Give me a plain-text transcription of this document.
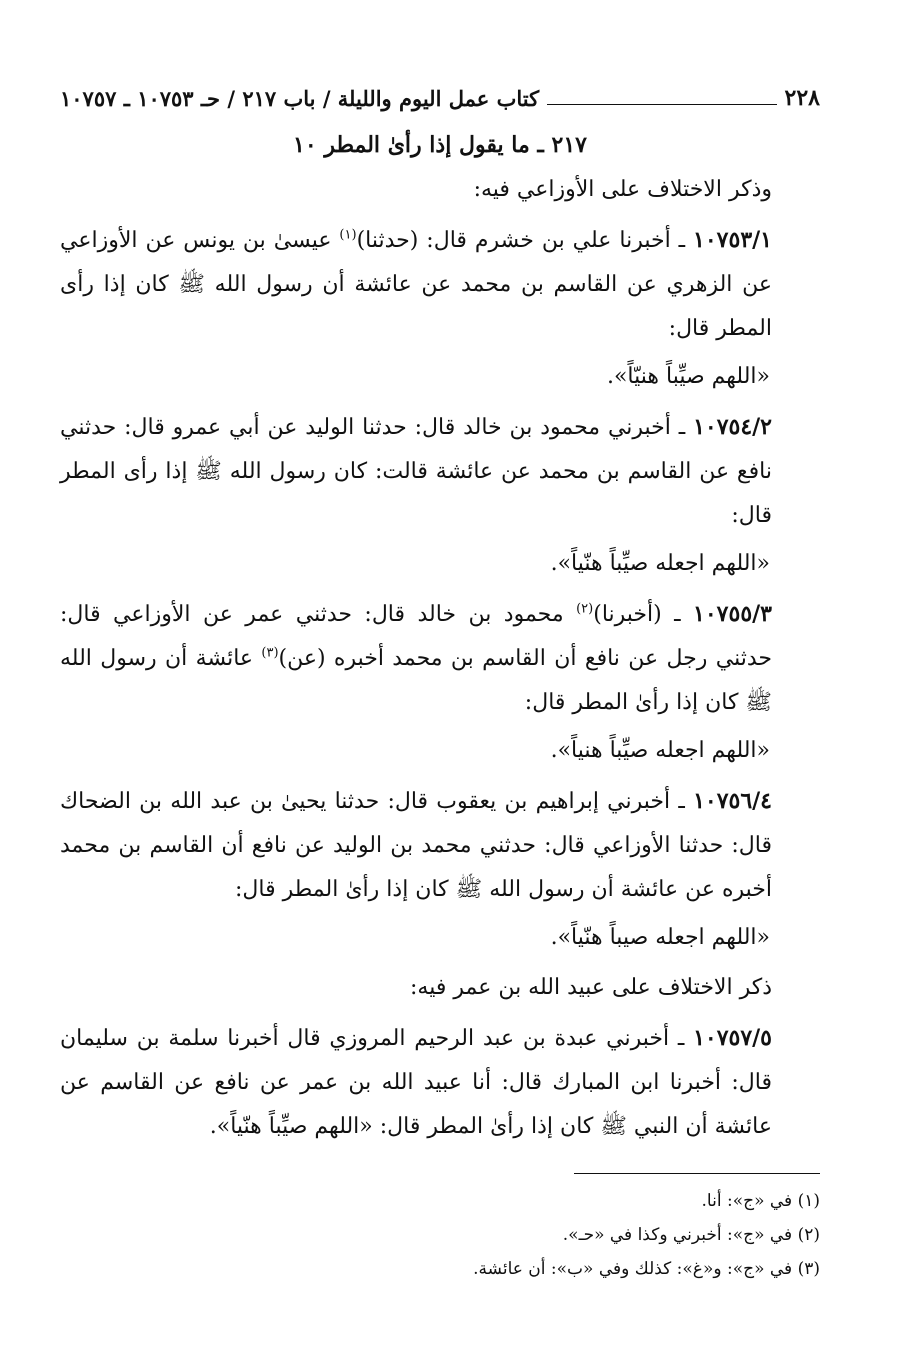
٢٢٨
كتاب عمل اليوم والليلة / باب ٢١٧ / حـ ١٠٧٥٣ ـ ١٠٧٥٧
٢١٧ ـ ما يقول إذا رأىٰ المطر ١٠

وذكر الاختلاف على الأوزاعي فيه:

١٠٧٥٣/١ ـ أخبرنا علي بن خشرم قال: (حدثنا)$^{(١)}$ عيسىٰ بن يونس عن الأوزاعي عن الزهري عن القاسم بن محمد عن عائشة أن رسول الله ﷺ كان إذا رأى المطر قال:

«اللهم صيِّباً هنيّاً».

١٠٧٥٤/٢ ـ أخبرني محمود بن خالد قال: حدثنا الوليد عن أبي عمرو قال: حدثني نافع عن القاسم بن محمد عن عائشة قالت: كان رسول الله ﷺ إذا رأى المطر قال:

«اللهم اجعله صيِّباً هنّياً».

١٠٧٥٥/٣ ـ (أخبرنا)$^{(٢)}$ محمود بن خالد قال: حدثني عمر عن الأوزاعي قال: حدثني رجل عن نافع أن القاسم بن محمد أخبره (عن)$^{(٣)}$ عائشة أن رسول الله ﷺ كان إذا رأىٰ المطر قال:

«اللهم اجعله صيِّباً هنياً».

١٠٧٥٦/٤ ـ أخبرني إبراهيم بن يعقوب قال: حدثنا يحيىٰ بن عبد الله بن الضحاك قال: حدثنا الأوزاعي قال: حدثني محمد بن الوليد عن نافع أن القاسم بن محمد أخبره عن عائشة أن رسول الله ﷺ كان إذا رأىٰ المطر قال:

«اللهم اجعله صيباً هنّياً».

ذكر الاختلاف على عبيد الله بن عمر فيه:

١٠٧٥٧/٥ ـ أخبرني عبدة بن عبد الرحيم المروزي قال أخبرنا سلمة بن سليمان قال: أخبرنا ابن المبارك قال: أنا عبيد الله بن عمر عن نافع عن القاسم عن عائشة أن النبي ﷺ كان إذا رأىٰ المطر قال: «اللهم صيِّباً هنّياً».

(١) في «ج»: أنا.

(٢) في «ج»: أخبرني وكذا في «حـ».

(٣) في «ج»: و«غ»: كذلك وفي «ب»: أن عائشة.
